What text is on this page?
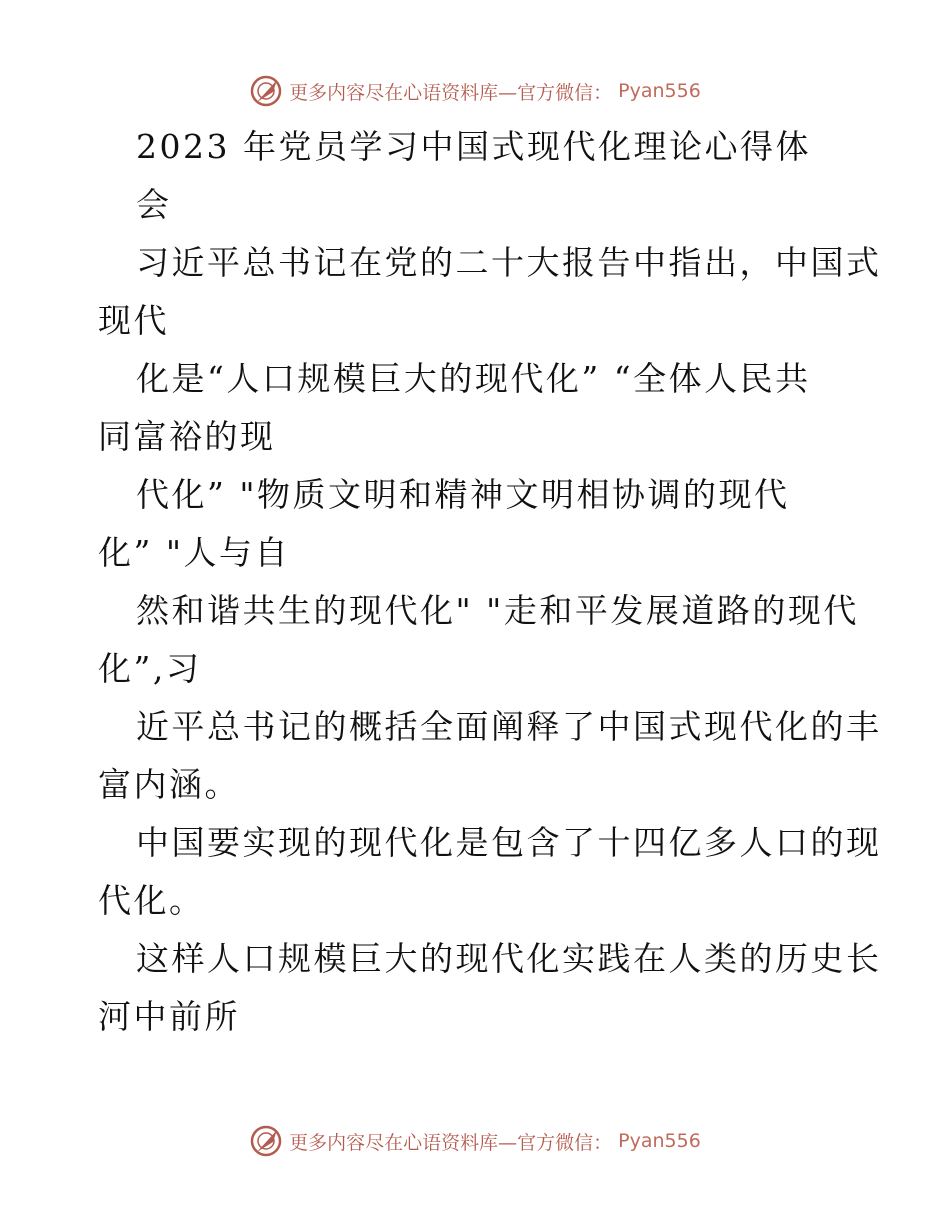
更多内容尽在心语资料库—官方微信： Pyan556
2023 年党员学习中国式现代化理论心得体
会
习近平总书记在党的二十大报告中指出，中国式
现代
化是“人口规模巨大的现代化” “全体人民共
同富裕的现
代化” "物质文明和精神文明相协调的现代
化” "人与自
然和谐共生的现代化" "走和平发展道路的现代
化”,习
近平总书记的概括全面阐释了中国式现代化的丰
富内涵。
中国要实现的现代化是包含了十四亿多人口的现
代化。
这样人口规模巨大的现代化实践在人类的历史长
河中前所
更多内容尽在心语资料库—官方微信： Pyan556
